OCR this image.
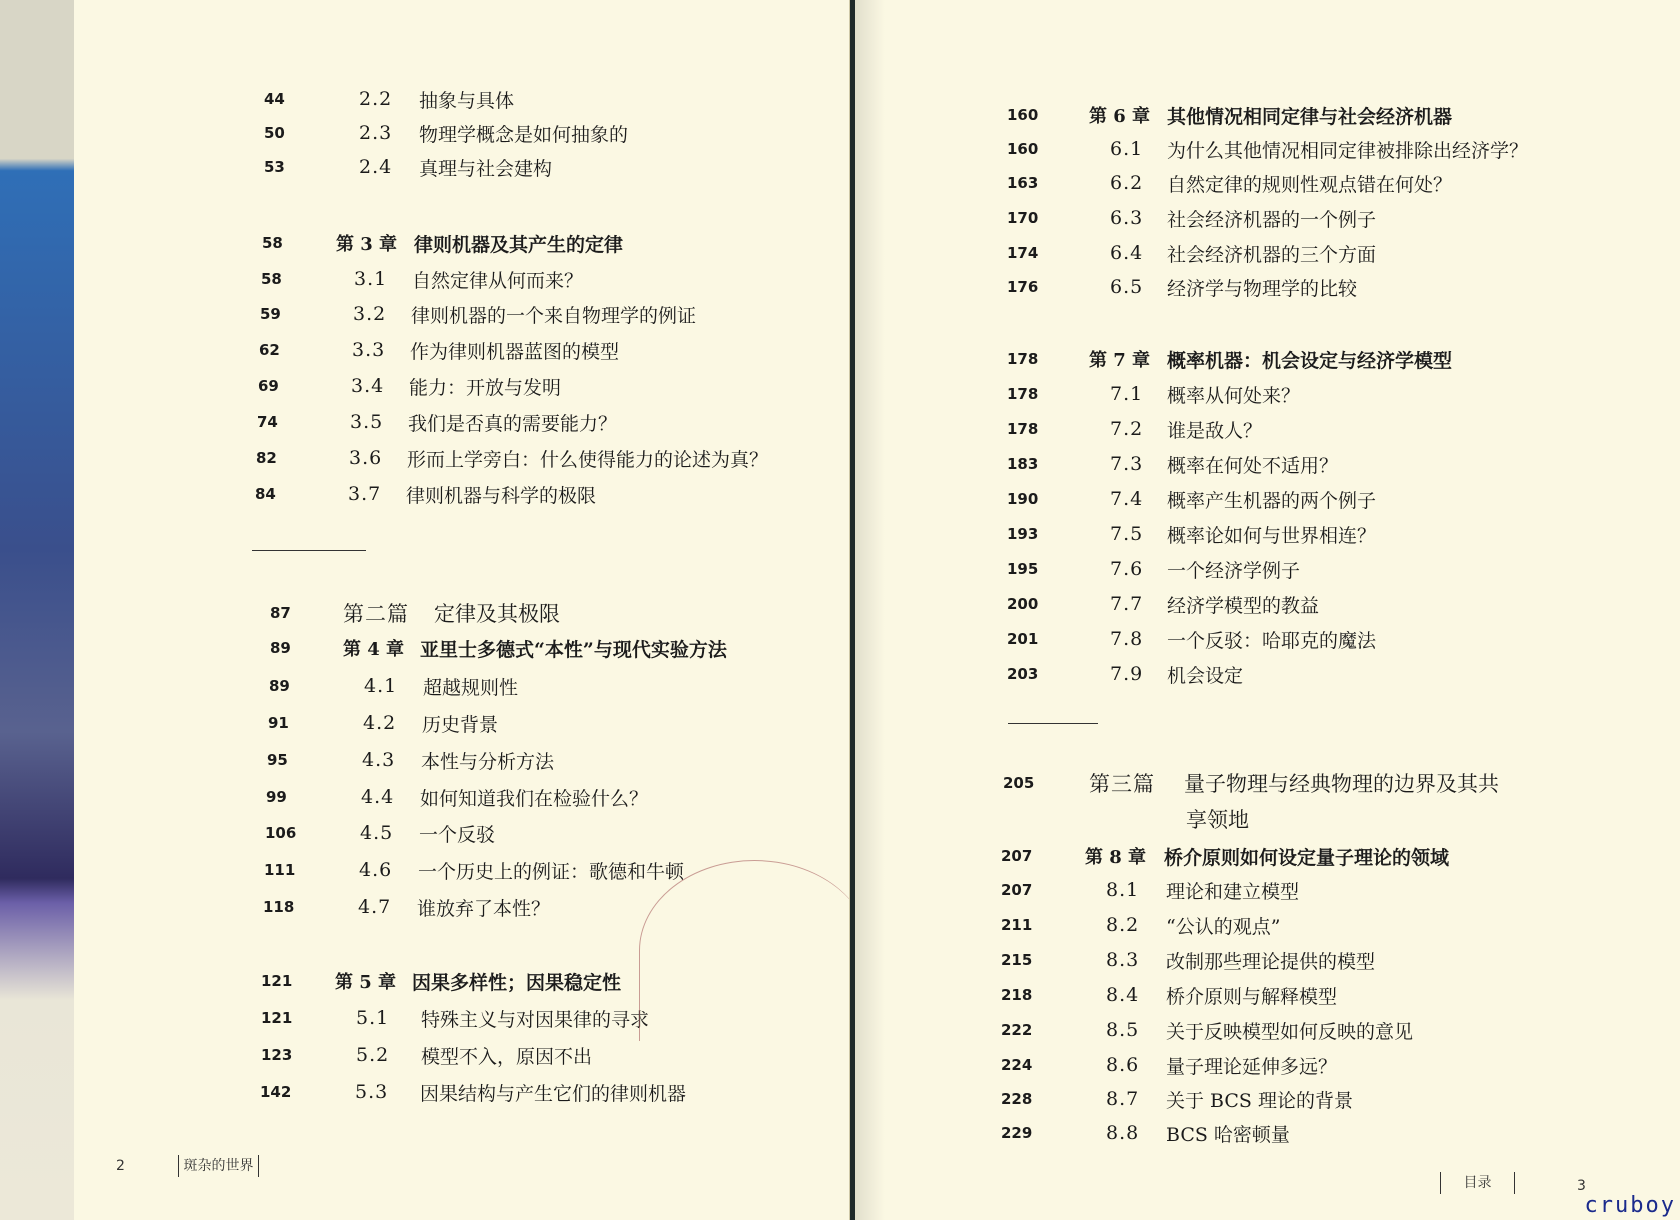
44	2.2	抽象与具体
50	2.3	物理学概念是如何抽象的
53	2.4	真理与社会建构
58	第 3 章 律则机器及其产生的定律
58	3.1	自然定律从何而来？
59	3.2	律则机器的一个来自物理学的例证
62	3.3	作为律则机器蓝图的模型
69	3.4	能力：开放与发明
74	3.5	我们是否真的需要能力？
82	3.6	形而上学旁白：什么使得能力的论述为真？
84	3.7	律则机器与科学的极限
87	第二篇 定律及其极限
89	第 4 章 亚里士多德式“本性”与现代实验方法
89	4.1	超越规则性
91	4.2	历史背景
95	4.3	本性与分析方法
99	4.4	如何知道我们在检验什么？
106	4.5	一个反驳
111	4.6	一个历史上的例证：歌德和牛顿
118	4.7	谁放弃了本性？
121	第 5 章 因果多样性；因果稳定性
121	5.1	特殊主义与对因果律的寻求
123	5.2	模型不入，原因不出
142	5.3	因果结构与产生它们的律则机器
2	斑杂的世界
160	第 6 章 其他情况相同定律与社会经济机器
160	6.1	为什么其他情况相同定律被排除出经济学？
163	6.2	自然定律的规则性观点错在何处？
170	6.3	社会经济机器的一个例子
174	6.4	社会经济机器的三个方面
176	6.5	经济学与物理学的比较
178	第 7 章 概率机器：机会设定与经济学模型
178	7.1	概率从何处来？
178	7.2	谁是敌人？
183	7.3	概率在何处不适用？
190	7.4	概率产生机器的两个例子
193	7.5	概率论如何与世界相连？
195	7.6	一个经济学例子
200	7.7	经济学模型的教益
201	7.8	一个反驳：哈耶克的魔法
203	7.9	机会设定
205	第三篇 量子物理与经典物理的边界及其共
享领地
207	第 8 章 桥介原则如何设定量子理论的领域
207	8.1	理论和建立模型
211	8.2	“公认的观点”
215	8.3	改制那些理论提供的模型
218	8.4	桥介原则与解释模型
222	8.5	关于反映模型如何反映的意见
224	8.6	量子理论延伸多远？
228	8.7	关于 BCS 理论的背景
229	8.8	BCS 哈密顿量
目录	3
cruboy
